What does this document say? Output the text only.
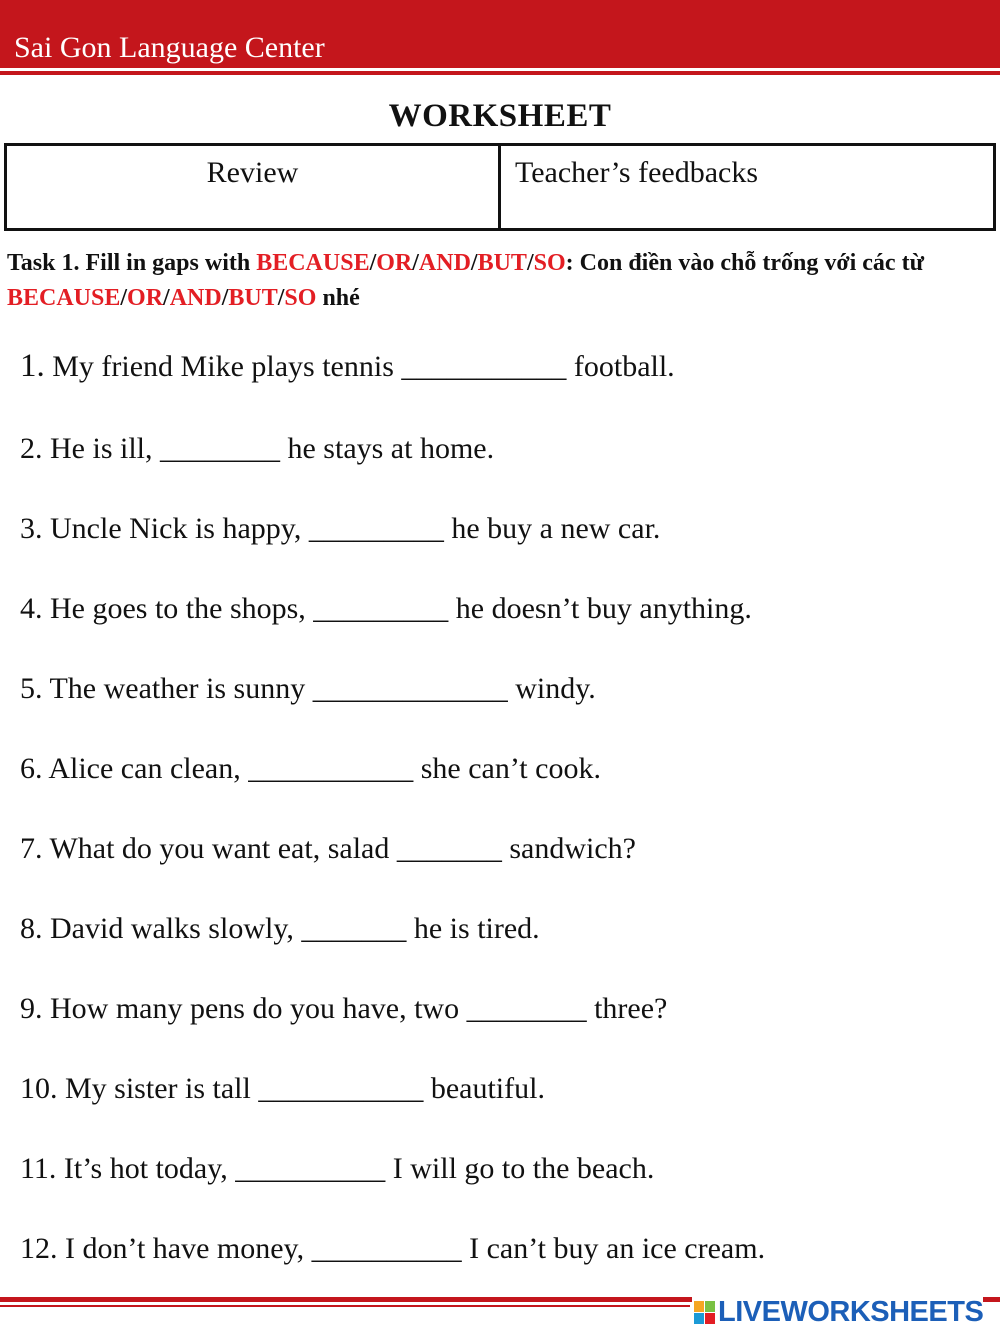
Sai Gon Language Center
WORKSHEET
Review	Teacher’s feedbacks
Task 1. Fill in gaps with BECAUSE/OR/AND/BUT/SO: Con điền vào chỗ trống với các từ BECAUSE/OR/AND/BUT/SO nhé
1. My friend Mike plays tennis ___________ football.
2. He is ill, ________ he stays at home.
3. Uncle Nick is happy, _________ he buy a new car.
4. He goes to the shops, _________ he doesn’t buy anything.
5. The weather is sunny _____________ windy.
6. Alice can clean, ___________ she can’t cook.
7. What do you want eat, salad _______ sandwich?
8. David walks slowly, _______ he is tired.
9. How many pens do you have, two ________ three?
10. My sister is tall ___________ beautiful.
11. It’s hot today, __________ I will go to the beach.
12. I don’t have money, __________ I can’t buy an ice cream.
LIVEWORKSHEETS
